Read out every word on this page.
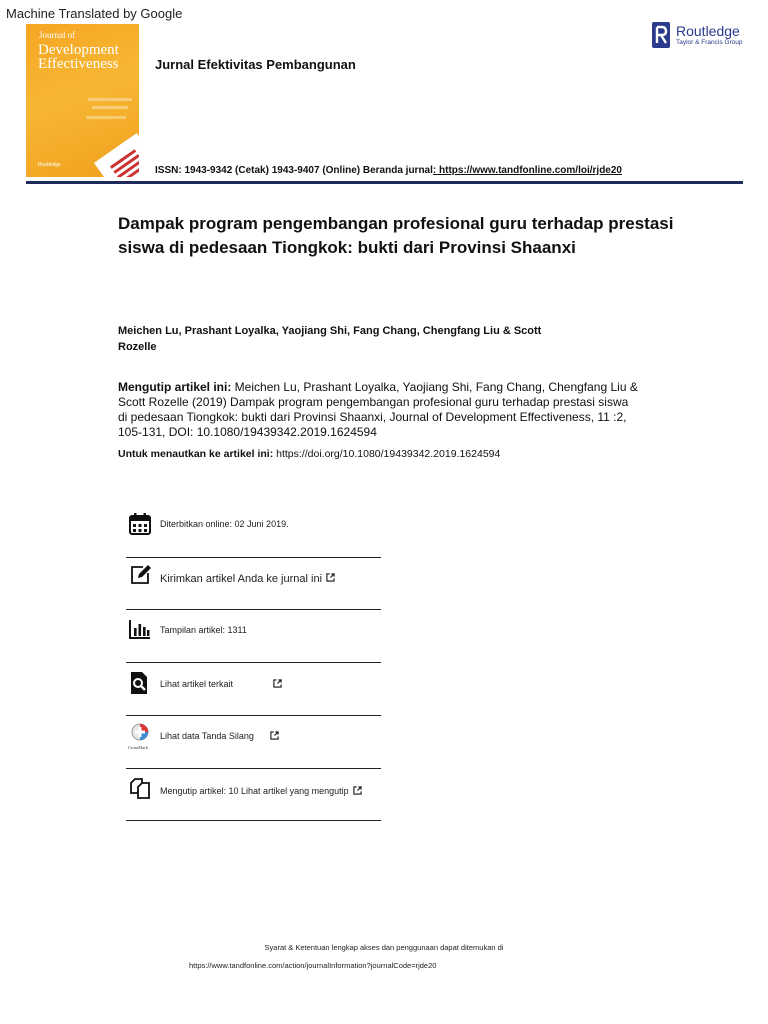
Machine Translated by Google
Journal of
Development
Effectiveness
Routledge
Jurnal Efektivitas Pembangunan
Routledge
Taylor & Francis Group
ISSN: 1943-9342 (Cetak) 1943-9407 (Online) Beranda jurnal: https://www.tandfonline.com/loi/rjde20
Dampak program pengembangan profesional guru terhadap prestasi siswa di pedesaan Tiongkok: bukti dari Provinsi Shaanxi
Meichen Lu, Prashant Loyalka, Yaojiang Shi, Fang Chang, Chengfang Liu & Scott Rozelle
Mengutip artikel ini: Meichen Lu, Prashant Loyalka, Yaojiang Shi, Fang Chang, Chengfang Liu & Scott Rozelle (2019) Dampak program pengembangan profesional guru terhadap prestasi siswa di pedesaan Tiongkok: bukti dari Provinsi Shaanxi, Journal of Development Effectiveness, 11 :2, 105-131, DOI: 10.1080/19439342.2019.1624594
Untuk menautkan ke artikel ini: https://doi.org/10.1080/19439342.2019.1624594
Diterbitkan online: 02 Juni 2019.
Kirimkan artikel Anda ke jurnal ini
Tampilan artikel: 1311
Lihat artikel terkait
CrossMark
Lihat data Tanda Silang
Mengutip artikel: 10 Lihat artikel yang mengutip
Syarat & Ketentuan lengkap akses dan penggunaan dapat ditemukan di
https://www.tandfonline.com/action/journalInformation?journalCode=rjde20
